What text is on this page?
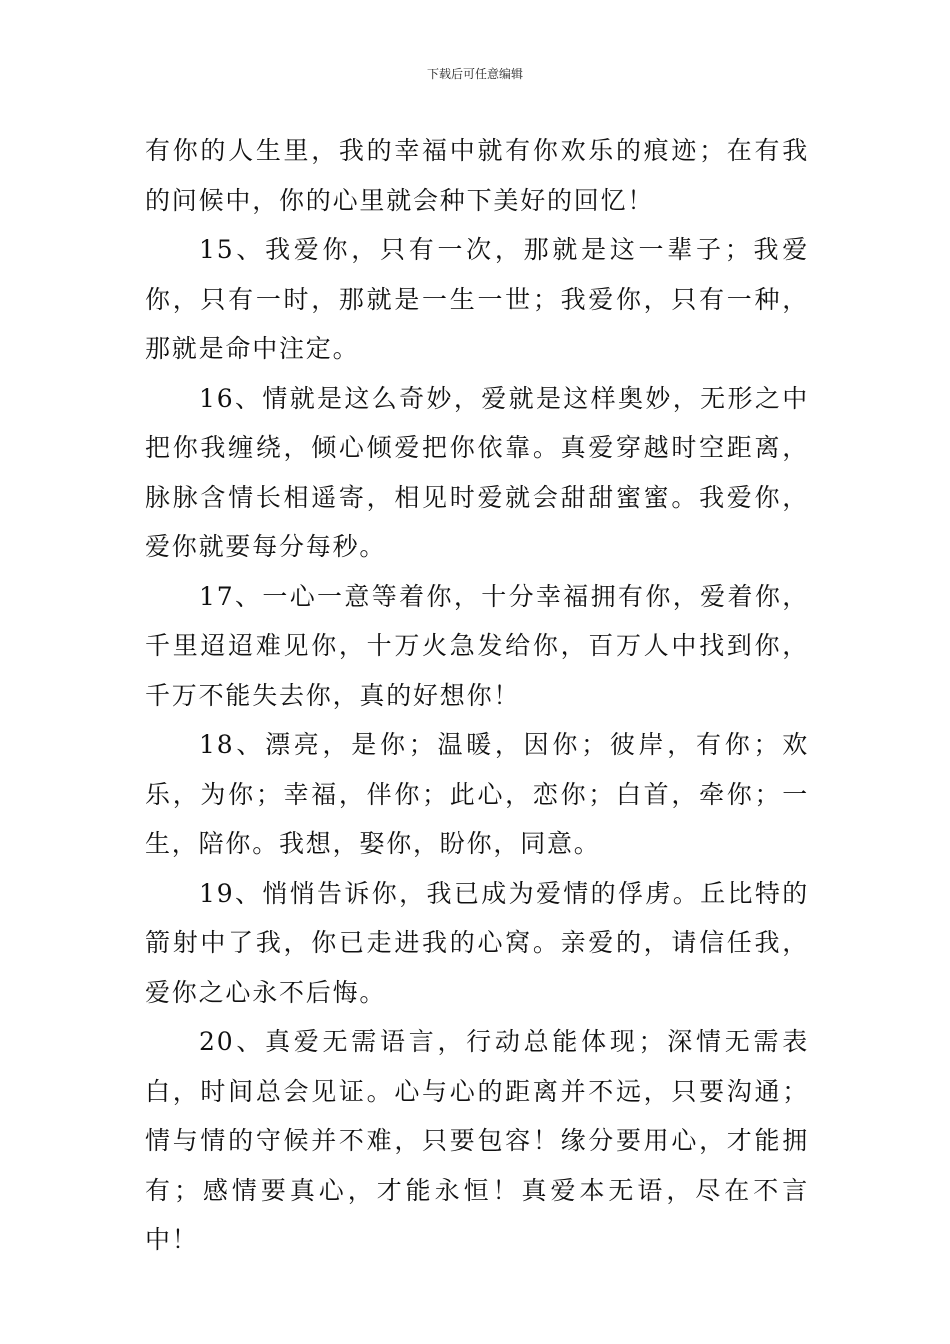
下载后可任意编辑

有你的人生里，我的幸福中就有你欢乐的痕迹；在有我的问候中，你的心里就会种下美好的回忆！

15、我爱你，只有一次，那就是这一辈子；我爱你，只有一时，那就是一生一世；我爱你，只有一种，那就是命中注定。

16、情就是这么奇妙，爱就是这样奥妙，无形之中把你我缠绕，倾心倾爱把你依靠。真爱穿越时空距离，脉脉含情长相遥寄，相见时爱就会甜甜蜜蜜。我爱你，爱你就要每分每秒。

17、一心一意等着你，十分幸福拥有你，爱着你，千里迢迢难见你，十万火急发给你，百万人中找到你，千万不能失去你，真的好想你！

18、漂亮，是你；温暖，因你；彼岸，有你；欢乐，为你；幸福，伴你；此心，恋你；白首，牵你；一生，陪你。我想，娶你，盼你，同意。

19、悄悄告诉你，我已成为爱情的俘虏。丘比特的箭射中了我，你已走进我的心窝。亲爱的，请信任我，爱你之心永不后悔。

20、真爱无需语言，行动总能体现；深情无需表白，时间总会见证。心与心的距离并不远，只要沟通；情与情的守候并不难，只要包容！缘分要用心，才能拥有；感情要真心，才能永恒！真爱本无语，尽在不言中！
